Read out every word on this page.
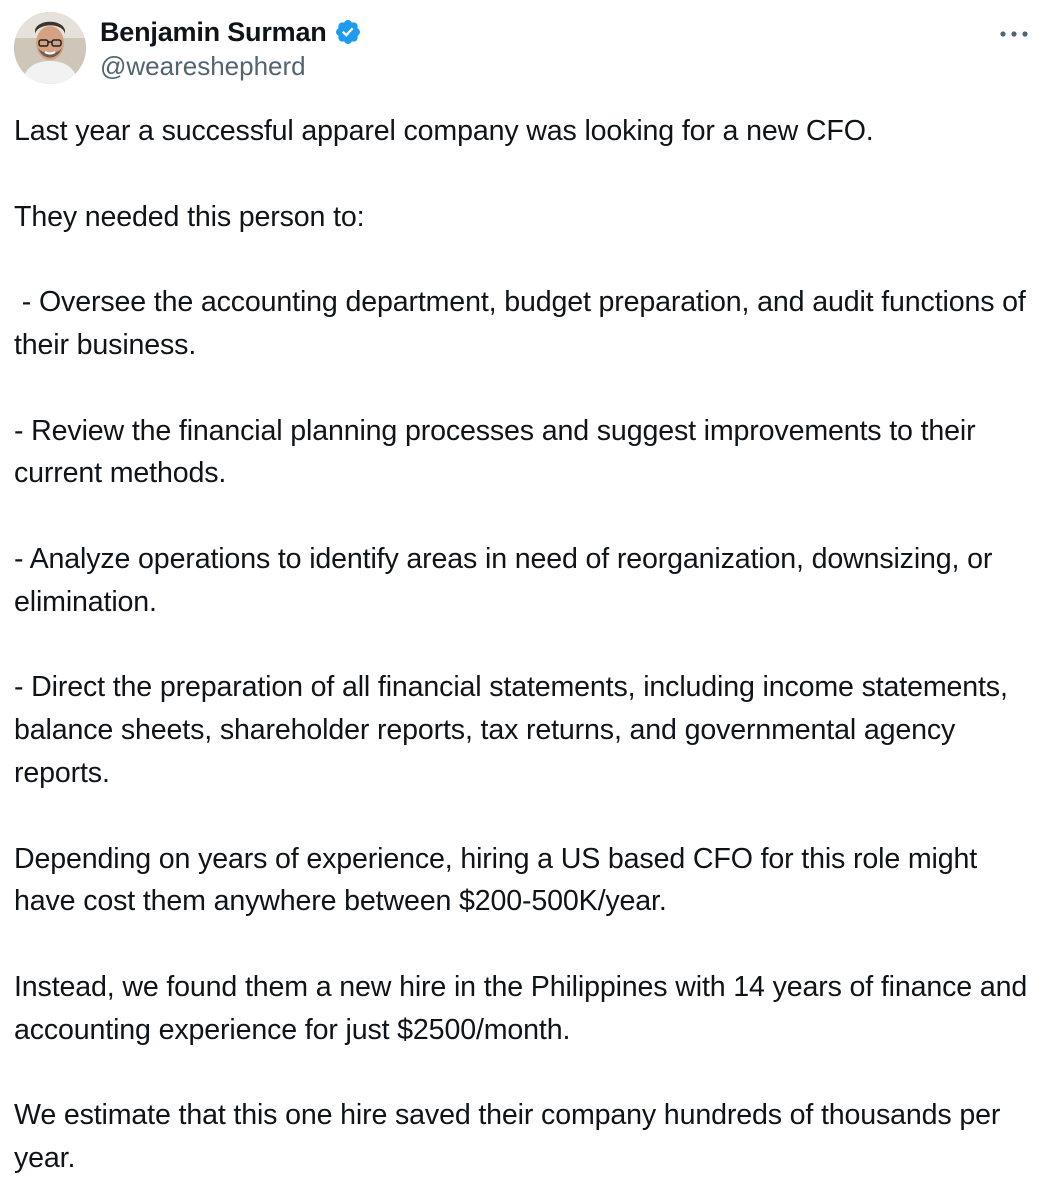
Benjamin Surman
@weareshepherd

Last year a successful apparel company was looking for a new CFO.

They needed this person to:

- Oversee the accounting department, budget preparation, and audit functions of their business.

- Review the financial planning processes and suggest improvements to their current methods.

- Analyze operations to identify areas in need of reorganization, downsizing, or elimination.

- Direct the preparation of all financial statements, including income statements, balance sheets, shareholder reports, tax returns, and governmental agency reports.

Depending on years of experience, hiring a US based CFO for this role might have cost them anywhere between $200-500K/year.

Instead, we found them a new hire in the Philippines with 14 years of finance and accounting experience for just $2500/month.

We estimate that this one hire saved their company hundreds of thousands per year.
